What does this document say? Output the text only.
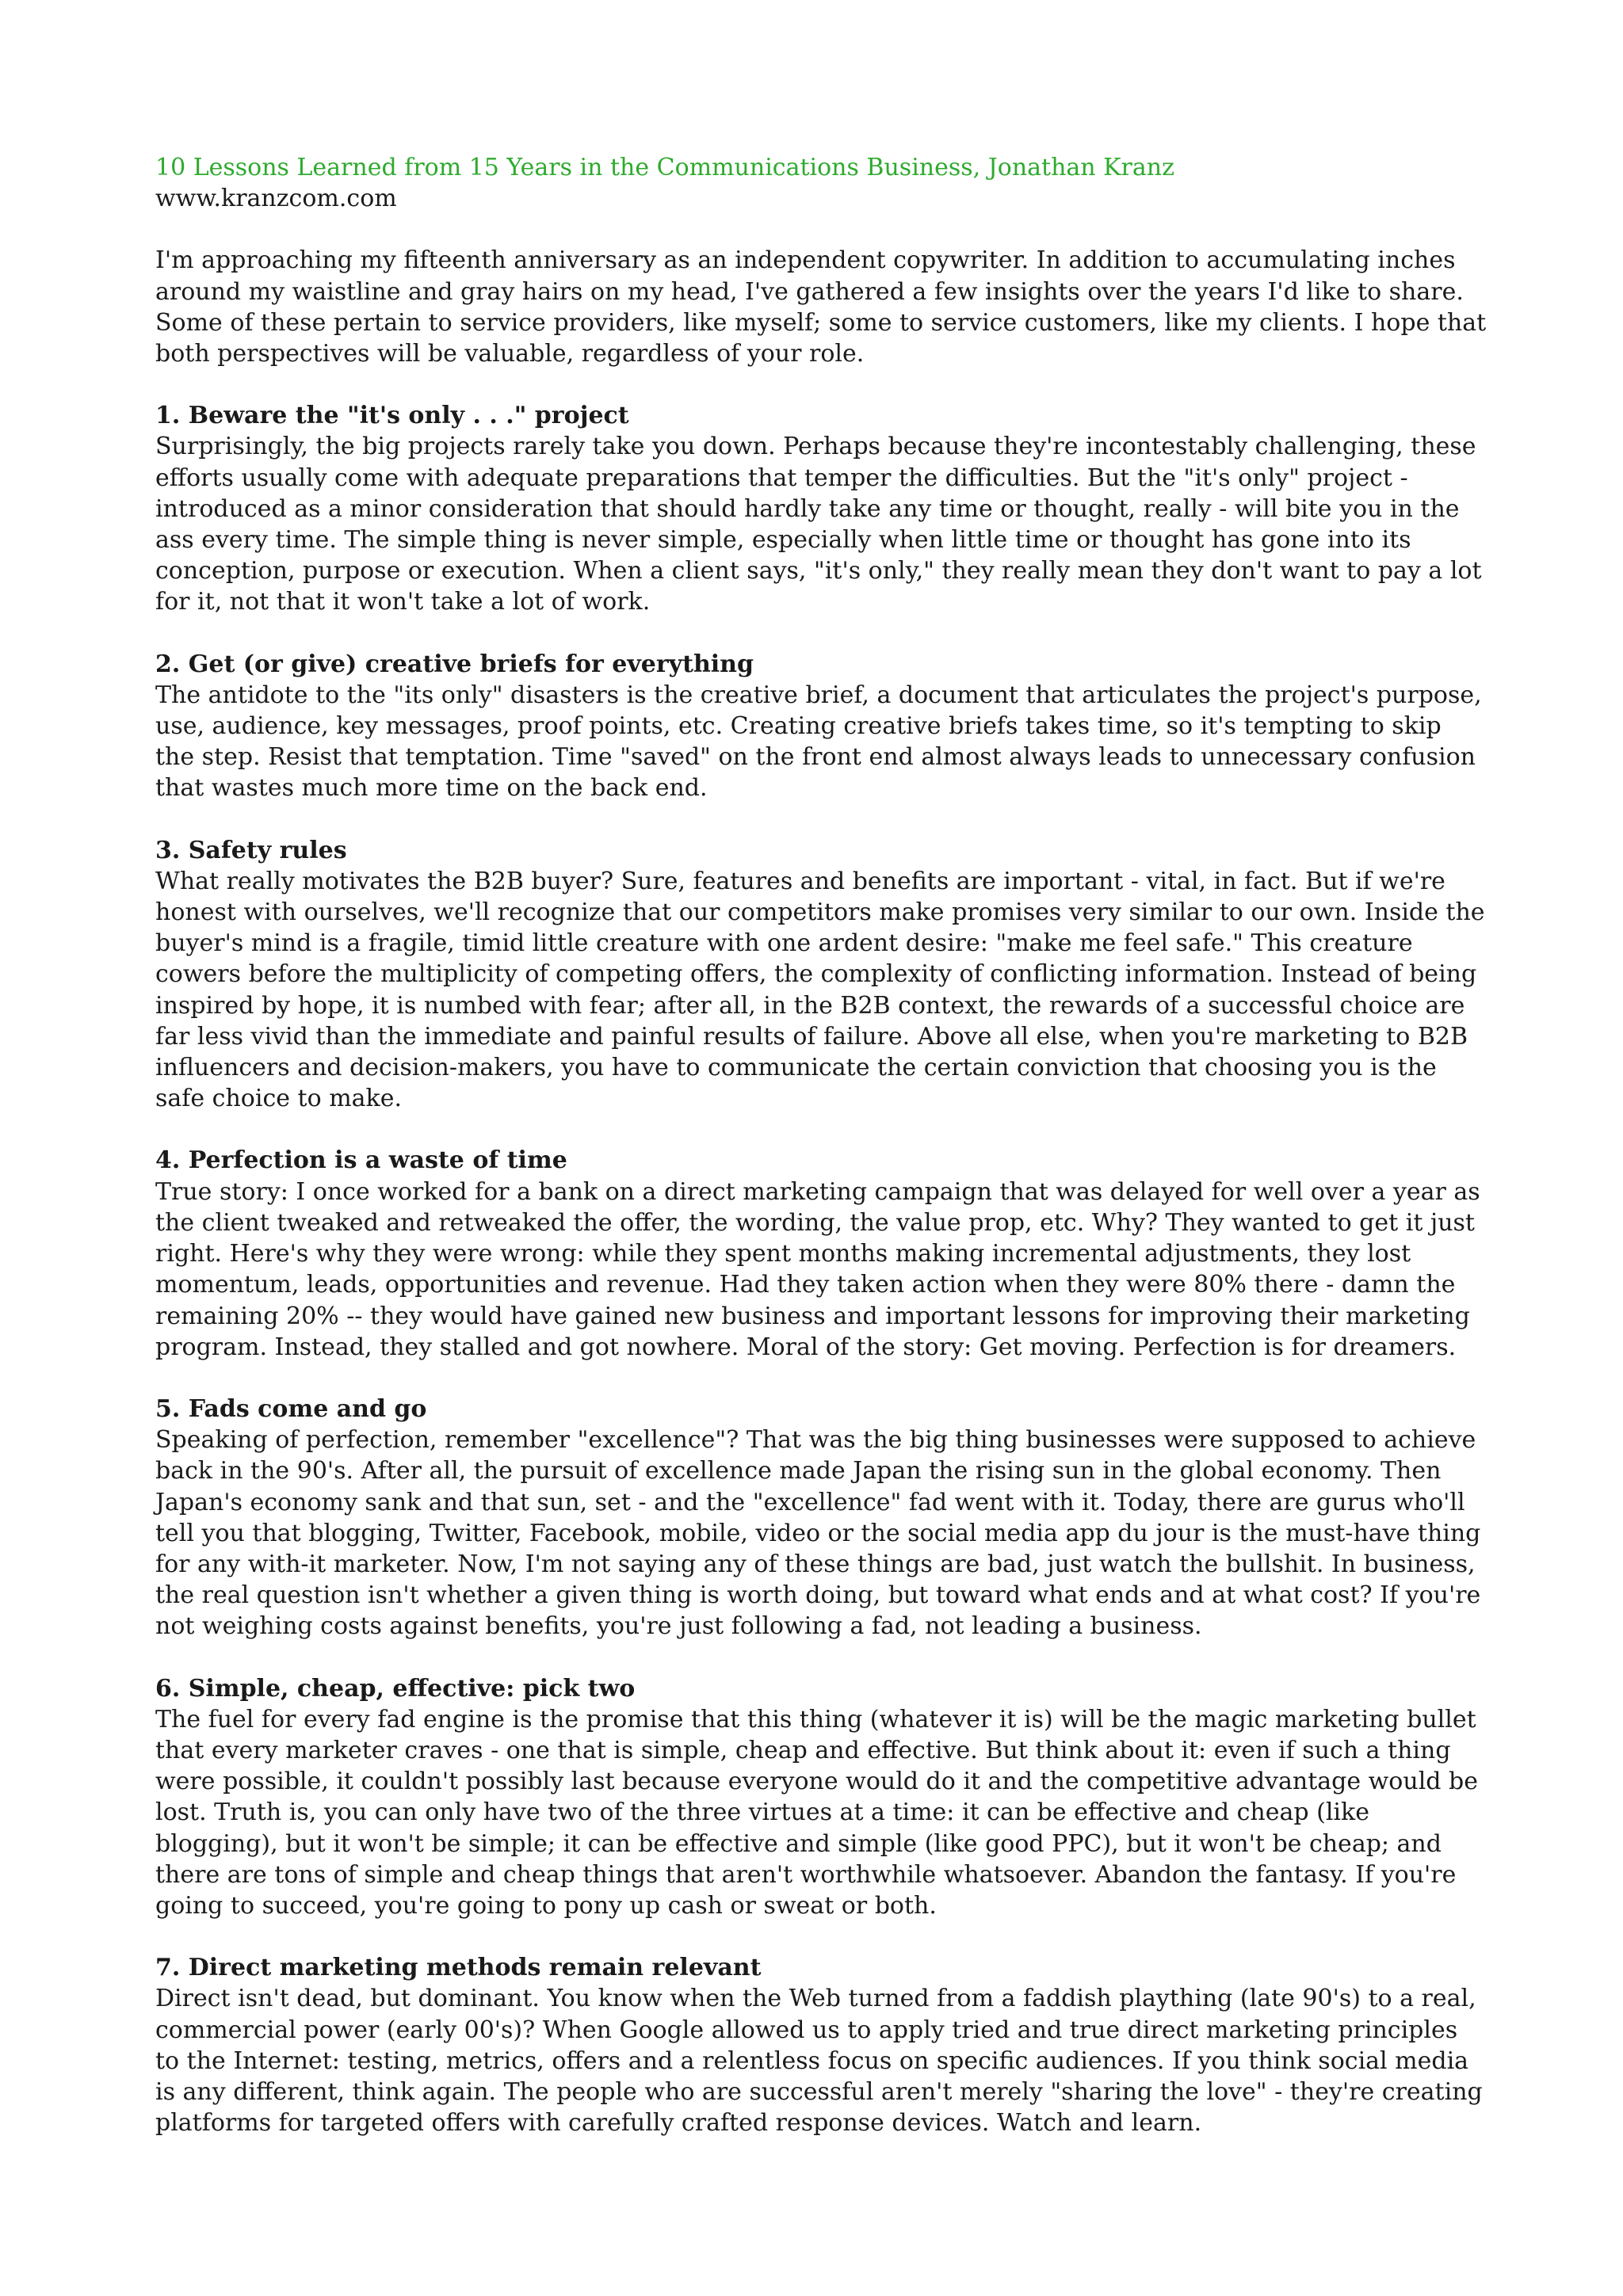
10 Lessons Learned from 15 Years in the Communications Business, Jonathan Kranz

www.kranzcom.com

I'm approaching my fifteenth anniversary as an independent copywriter. In addition to accumulating inches around my waistline and gray hairs on my head, I've gathered a few insights over the years I'd like to share. Some of these pertain to service providers, like myself; some to service customers, like my clients. I hope that both perspectives will be valuable, regardless of your role.

1. Beware the "it's only . . ." project

Surprisingly, the big projects rarely take you down. Perhaps because they're incontestably challenging, these efforts usually come with adequate preparations that temper the difficulties. But the "it's only" project - introduced as a minor consideration that should hardly take any time or thought, really - will bite you in the ass every time. The simple thing is never simple, especially when little time or thought has gone into its conception, purpose or execution. When a client says, "it's only," they really mean they don't want to pay a lot for it, not that it won't take a lot of work.

2. Get (or give) creative briefs for everything

The antidote to the "its only" disasters is the creative brief, a document that articulates the project's purpose, use, audience, key messages, proof points, etc. Creating creative briefs takes time, so it's tempting to skip the step. Resist that temptation. Time "saved" on the front end almost always leads to unnecessary confusion that wastes much more time on the back end.

3. Safety rules

What really motivates the B2B buyer? Sure, features and benefits are important - vital, in fact. But if we're honest with ourselves, we'll recognize that our competitors make promises very similar to our own. Inside the buyer's mind is a fragile, timid little creature with one ardent desire: "make me feel safe." This creature cowers before the multiplicity of competing offers, the complexity of conflicting information. Instead of being inspired by hope, it is numbed with fear; after all, in the B2B context, the rewards of a successful choice are far less vivid than the immediate and painful results of failure. Above all else, when you're marketing to B2B influencers and decision-makers, you have to communicate the certain conviction that choosing you is the safe choice to make.

4. Perfection is a waste of time

True story: I once worked for a bank on a direct marketing campaign that was delayed for well over a year as the client tweaked and retweaked the offer, the wording, the value prop, etc. Why? They wanted to get it just right. Here's why they were wrong: while they spent months making incremental adjustments, they lost momentum, leads, opportunities and revenue. Had they taken action when they were 80% there - damn the remaining 20% -- they would have gained new business and important lessons for improving their marketing program. Instead, they stalled and got nowhere. Moral of the story: Get moving. Perfection is for dreamers.

5. Fads come and go

Speaking of perfection, remember "excellence"? That was the big thing businesses were supposed to achieve back in the 90's. After all, the pursuit of excellence made Japan the rising sun in the global economy. Then Japan's economy sank and that sun, set - and the "excellence" fad went with it. Today, there are gurus who'll tell you that blogging, Twitter, Facebook, mobile, video or the social media app du jour is the must-have thing for any with-it marketer. Now, I'm not saying any of these things are bad, just watch the bullshit. In business, the real question isn't whether a given thing is worth doing, but toward what ends and at what cost? If you're not weighing costs against benefits, you're just following a fad, not leading a business.

6. Simple, cheap, effective: pick two

The fuel for every fad engine is the promise that this thing (whatever it is) will be the magic marketing bullet that every marketer craves - one that is simple, cheap and effective. But think about it: even if such a thing were possible, it couldn't possibly last because everyone would do it and the competitive advantage would be lost. Truth is, you can only have two of the three virtues at a time: it can be effective and cheap (like blogging), but it won't be simple; it can be effective and simple (like good PPC), but it won't be cheap; and there are tons of simple and cheap things that aren't worthwhile whatsoever. Abandon the fantasy. If you're going to succeed, you're going to pony up cash or sweat or both.

7. Direct marketing methods remain relevant

Direct isn't dead, but dominant. You know when the Web turned from a faddish plaything (late 90's) to a real, commercial power (early 00's)? When Google allowed us to apply tried and true direct marketing principles to the Internet: testing, metrics, offers and a relentless focus on specific audiences. If you think social media is any different, think again. The people who are successful aren't merely "sharing the love" - they're creating platforms for targeted offers with carefully crafted response devices. Watch and learn.
